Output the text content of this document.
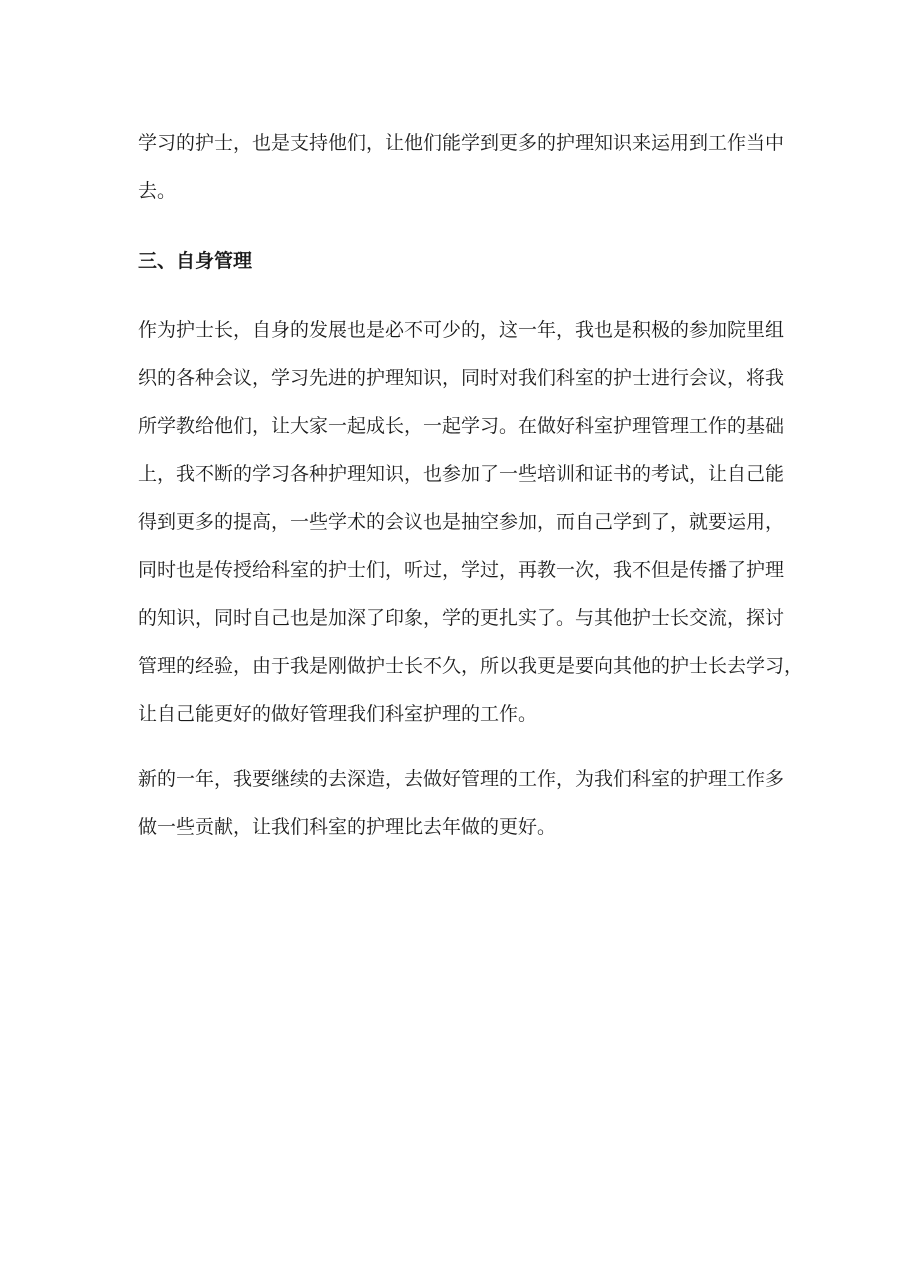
学习的护士，也是支持他们，让他们能学到更多的护理知识来运用到工作当中
去。

三、自身管理

作为护士长，自身的发展也是必不可少的，这一年，我也是积极的参加院里组
织的各种会议，学习先进的护理知识，同时对我们科室的护士进行会议，将我
所学教给他们，让大家一起成长，一起学习。在做好科室护理管理工作的基础
上，我不断的学习各种护理知识，也参加了一些培训和证书的考试，让自己能
得到更多的提高，一些学术的会议也是抽空参加，而自己学到了，就要运用，
同时也是传授给科室的护士们，听过，学过，再教一次，我不但是传播了护理
的知识，同时自己也是加深了印象，学的更扎实了。与其他护士长交流，探讨
管理的经验，由于我是刚做护士长不久，所以我更是要向其他的护士长去学习，
让自己能更好的做好管理我们科室护理的工作。

新的一年，我要继续的去深造，去做好管理的工作，为我们科室的护理工作多
做一些贡献，让我们科室的护理比去年做的更好。
